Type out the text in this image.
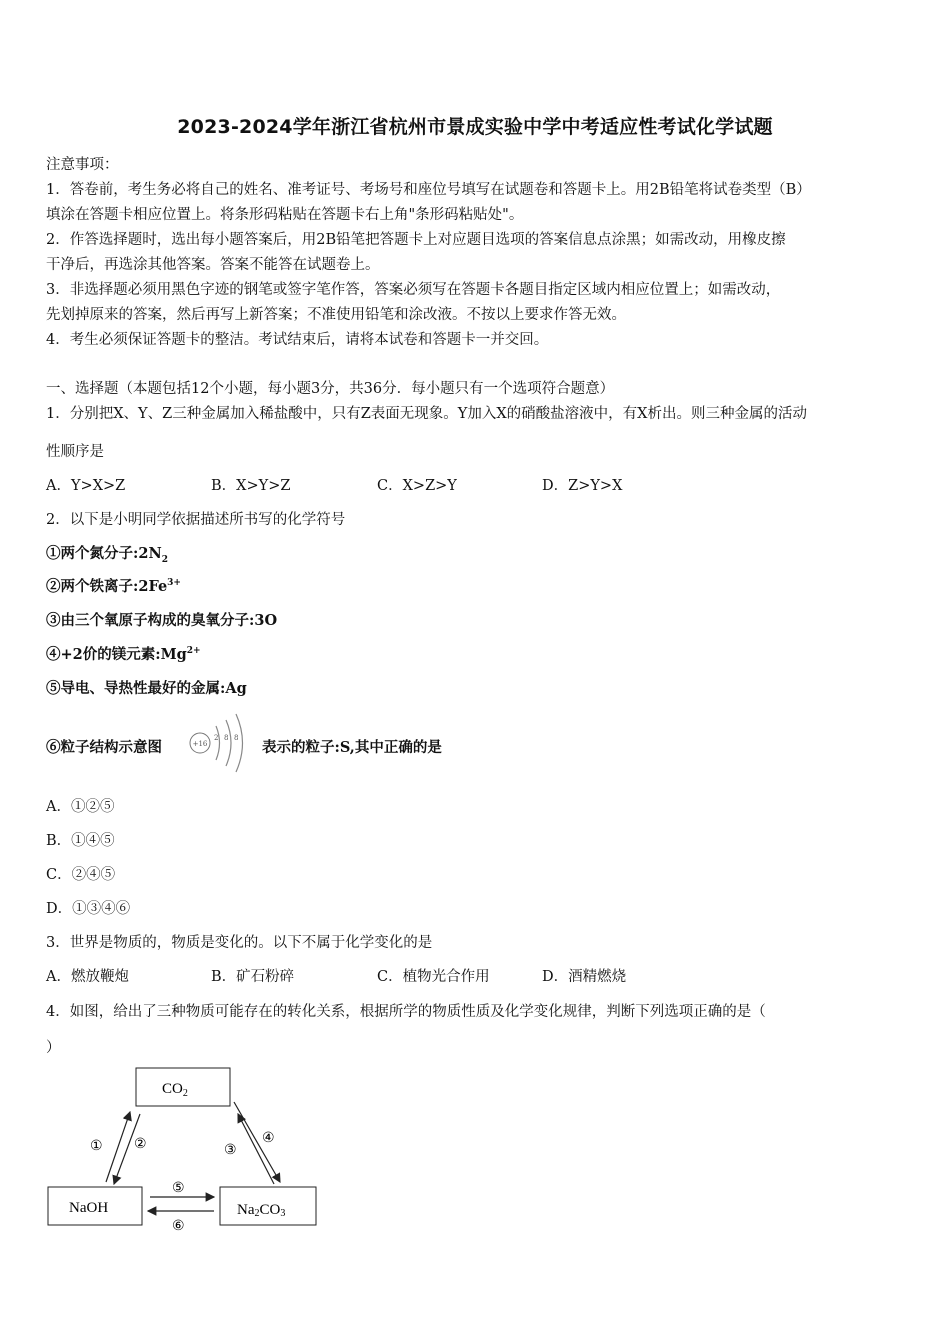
2023-2024学年浙江省杭州市景成实验中学中考适应性考试化学试题
注意事项：
1．答卷前，考生务必将自己的姓名、准考证号、考场号和座位号填写在试题卷和答题卡上。用2B铅笔将试卷类型（B）
填涂在答题卡相应位置上。将条形码粘贴在答题卡右上角"条形码粘贴处"。
2．作答选择题时，选出每小题答案后，用2B铅笔把答题卡上对应题目选项的答案信息点涂黑；如需改动，用橡皮擦
干净后，再选涂其他答案。答案不能答在试题卷上。
3．非选择题必须用黑色字迹的钢笔或签字笔作答，答案必须写在答题卡各题目指定区域内相应位置上；如需改动，
先划掉原来的答案，然后再写上新答案；不准使用铅笔和涂改液。不按以上要求作答无效。
4．考生必须保证答题卡的整洁。考试结束后，请将本试卷和答题卡一并交回。
一、选择题（本题包括12个小题，每小题3分，共36分．每小题只有一个选项符合题意）
1．分别把X、Y、Z三种金属加入稀盐酸中，只有Z表面无现象。Y加入X的硝酸盐溶液中，有X析出。则三种金属的活动
性顺序是
A．Y>X>Z	B．X>Y>Z	C．X>Z>Y	D．Z>Y>X
2．以下是小明同学依据描述所书写的化学符号
①两个氮分子$:2N_2$
②两个铁离子$:2Fe^{3+}$
③由三个氧原子构成的臭氧分子:3O
④+2价的镁元素$:Mg^{2+}$
⑤导电、导热性最好的金属:Ag
⑥粒子结构示意图	+16
2 8 8
表示的粒子:S,其中正确的是
A．①②⑤
B．①④⑤
C．②④⑤
D．①③④⑥
3．世界是物质的，物质是变化的。以下不属于化学变化的是
A．燃放鞭炮	B．矿石粉碎	C．植物光合作用	D．酒精燃烧
4．如图，给出了三种物质可能存在的转化关系，根据所学的物质性质及化学变化规律，判断下列选项正确的是（
）
$CO_2$
NaOH	Na2CO3
① ②	③
④
⑤
⑥
